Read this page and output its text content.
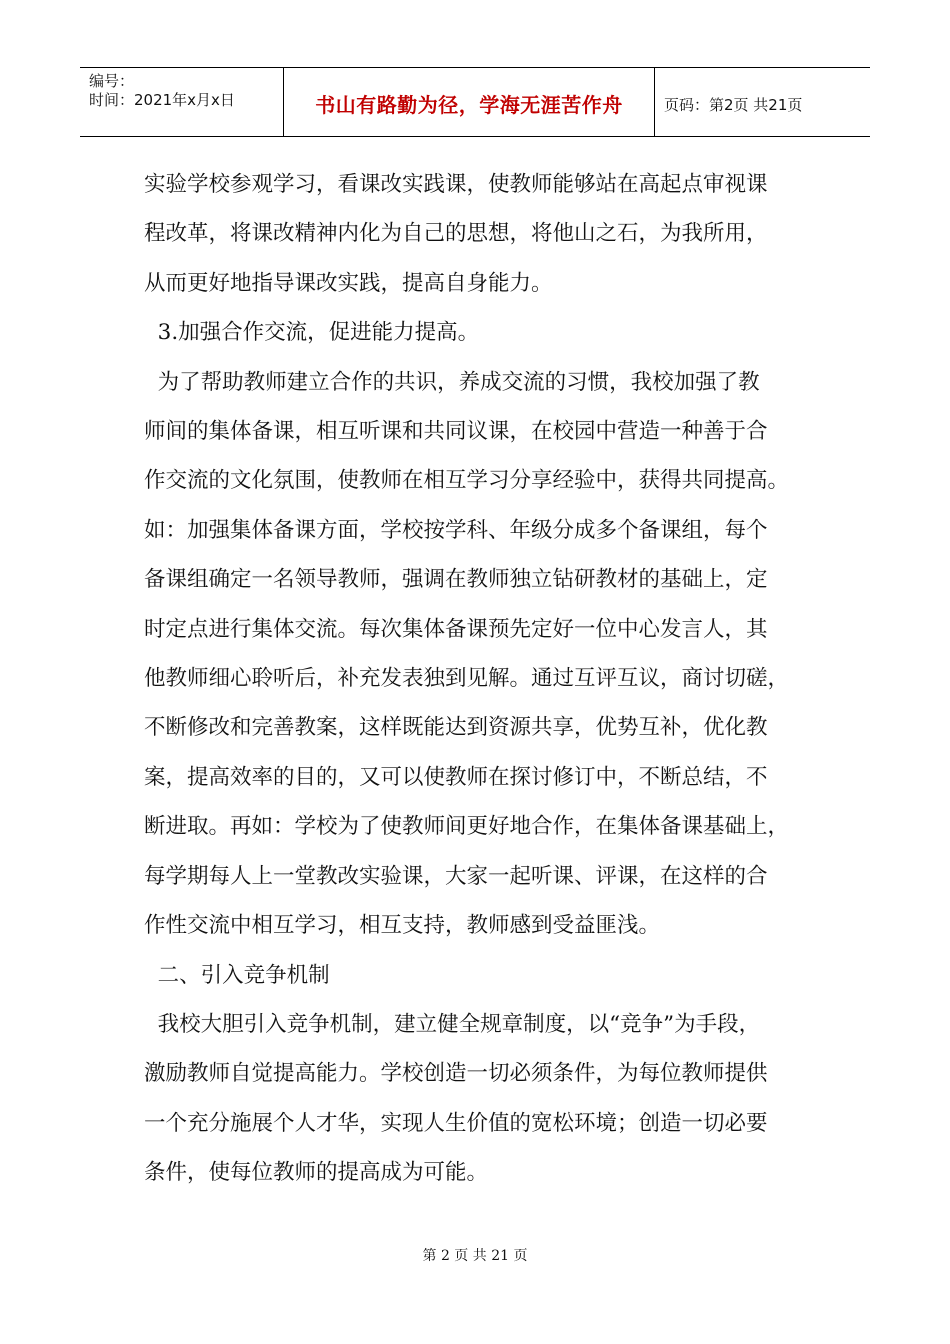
编号：
时间：2021年x月x日	书山有路勤为径，学海无涯苦作舟	页码：第2页 共21页

实验学校参观学习，看课改实践课，使教师能够站在高起点审视课

程改革，将课改精神内化为自己的思想，将他山之石，为我所用，

从而更好地指导课改实践，提高自身能力。

3.加强合作交流，促进能力提高。

为了帮助教师建立合作的共识，养成交流的习惯，我校加强了教

师间的集体备课，相互听课和共同议课，在校园中营造一种善于合

作交流的文化氛围，使教师在相互学习分享经验中，获得共同提高。

如：加强集体备课方面，学校按学科、年级分成多个备课组，每个

备课组确定一名领导教师，强调在教师独立钻研教材的基础上，定

时定点进行集体交流。每次集体备课预先定好一位中心发言人，其

他教师细心聆听后，补充发表独到见解。通过互评互议，商讨切磋，

不断修改和完善教案，这样既能达到资源共享，优势互补，优化教

案，提高效率的目的，又可以使教师在探讨修订中，不断总结，不

断进取。再如：学校为了使教师间更好地合作，在集体备课基础上，

每学期每人上一堂教改实验课，大家一起听课、评课，在这样的合

作性交流中相互学习，相互支持，教师感到受益匪浅。

二、引入竞争机制

我校大胆引入竞争机制，建立健全规章制度，以“竞争”为手段，

激励教师自觉提高能力。学校创造一切必须条件，为每位教师提供

一个充分施展个人才华，实现人生价值的宽松环境；创造一切必要

条件，使每位教师的提高成为可能。

第 2 页 共 21 页
